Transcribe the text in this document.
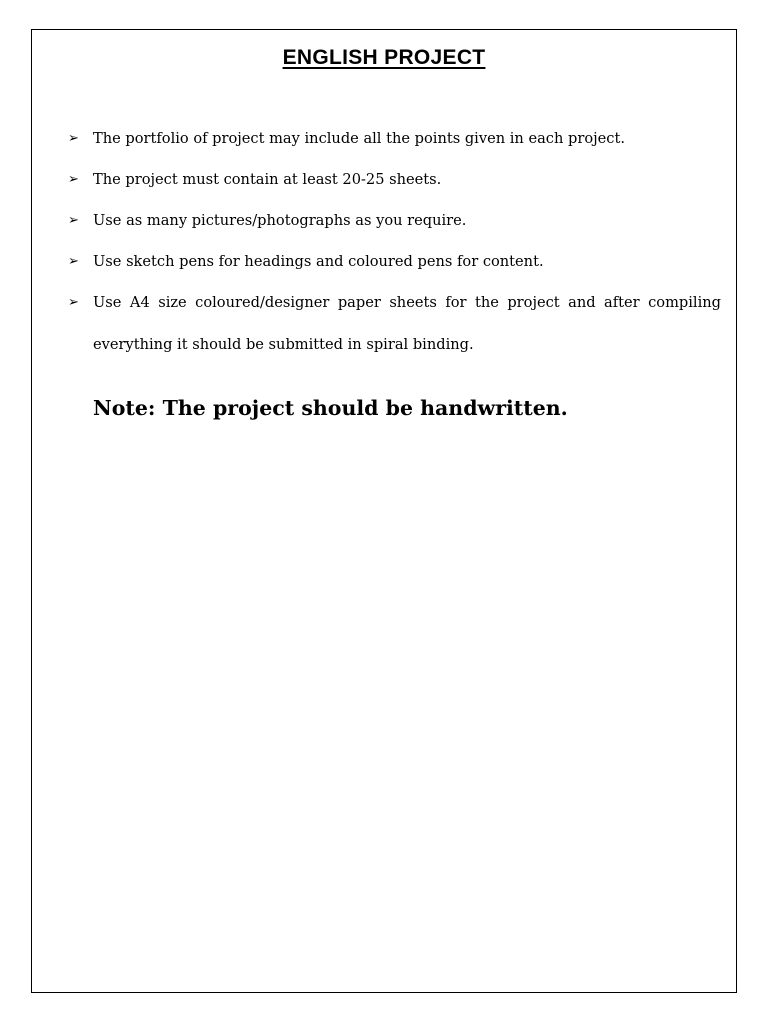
ENGLISH PROJECT
➢ The portfolio of project may include all the points given in each project.
➢ The project must contain at least 20-25 sheets.
➢ Use as many pictures/photographs as you require.
➢ Use sketch pens for headings and coloured pens for content.
➢ Use A4 size coloured/designer paper sheets for the project and after compiling everything it should be submitted in spiral binding.
Note: The project should be handwritten.
